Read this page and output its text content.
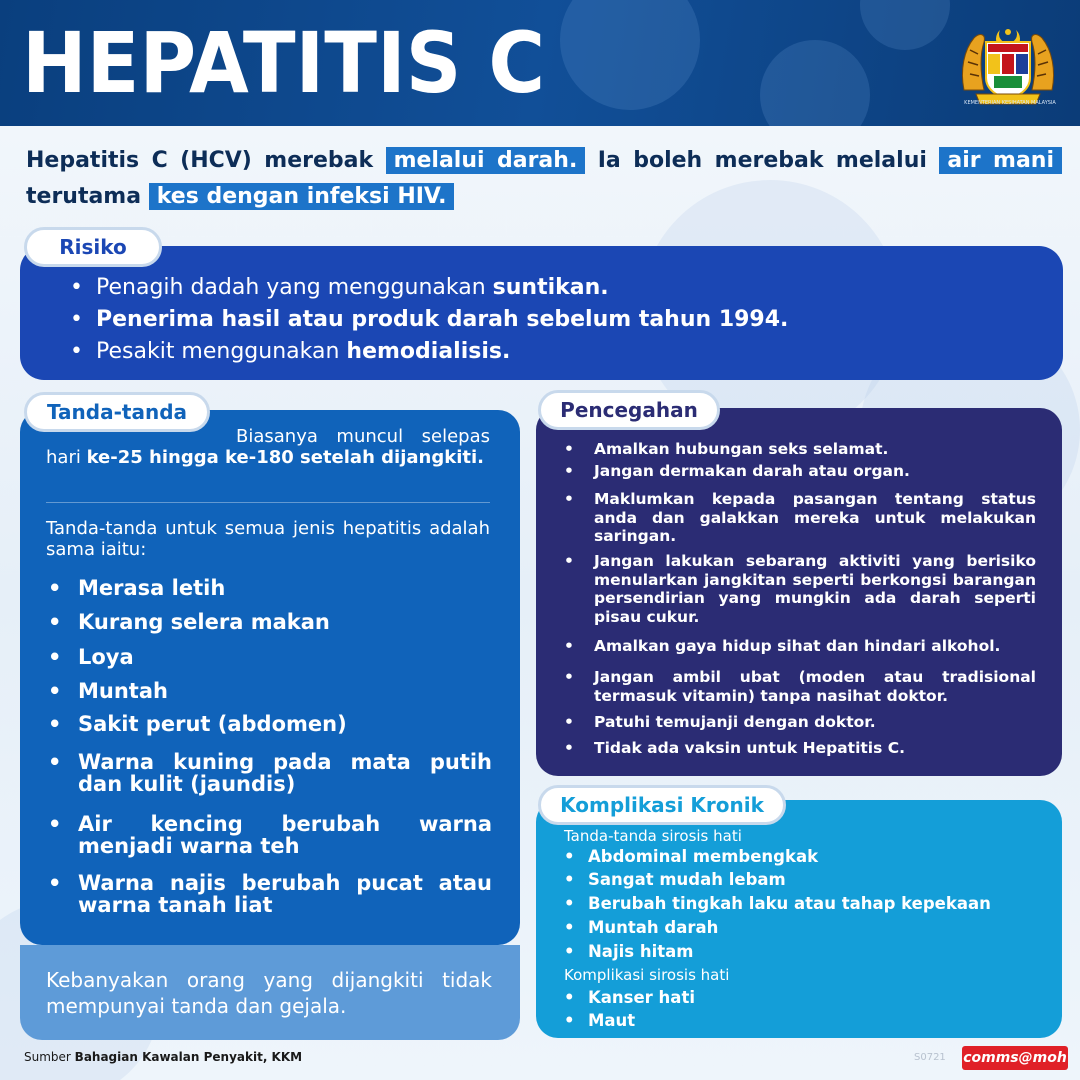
HEPATITIS C	KEMENTERIAN KESIHATAN MALAYSIA
Hepatitis C (HCV) merebak melalui darah. Ia boleh merebak melalui air mani terutama kes dengan infeksi HIV.
Risiko
• Penagih dadah yang menggunakan suntikan.
• Penerima hasil atau produk darah sebelum tahun 1994.
• Pesakit menggunakan hemodialisis.
Tanda-tanda
Biasanya muncul selepas hari ke-25 hingga ke-180 setelah dijangkiti.
Tanda-tanda untuk semua jenis hepatitis adalah sama iaitu:
• Merasa letih
• Kurang selera makan
• Loya
• Muntah
• Sakit perut (abdomen)
• Warna kuning pada mata putih dan kulit (jaundis)
• Air kencing berubah warna menjadi warna teh
• Warna najis berubah pucat atau warna tanah liat
Kebanyakan orang yang dijangkiti tidak mempunyai tanda dan gejala.
Pencegahan
• Amalkan hubungan seks selamat.
• Jangan dermakan darah atau organ.
• Maklumkan kepada pasangan tentang status anda dan galakkan mereka untuk melakukan saringan.
• Jangan lakukan sebarang aktiviti yang berisiko menularkan jangkitan seperti berkongsi barangan persendirian yang mungkin ada darah seperti pisau cukur.
• Amalkan gaya hidup sihat dan hindari alkohol.
• Jangan ambil ubat (moden atau tradisional termasuk vitamin) tanpa nasihat doktor.
• Patuhi temujanji dengan doktor.
• Tidak ada vaksin untuk Hepatitis C.
Komplikasi Kronik
Tanda-tanda sirosis hati
• Abdominal membengkak
• Sangat mudah lebam
• Berubah tingkah laku atau tahap kepekaan
• Muntah darah
• Najis hitam
Komplikasi sirosis hati
• Kanser hati
• Maut
Sumber Bahagian Kawalan Penyakit, KKM	S0721 comms@moh
